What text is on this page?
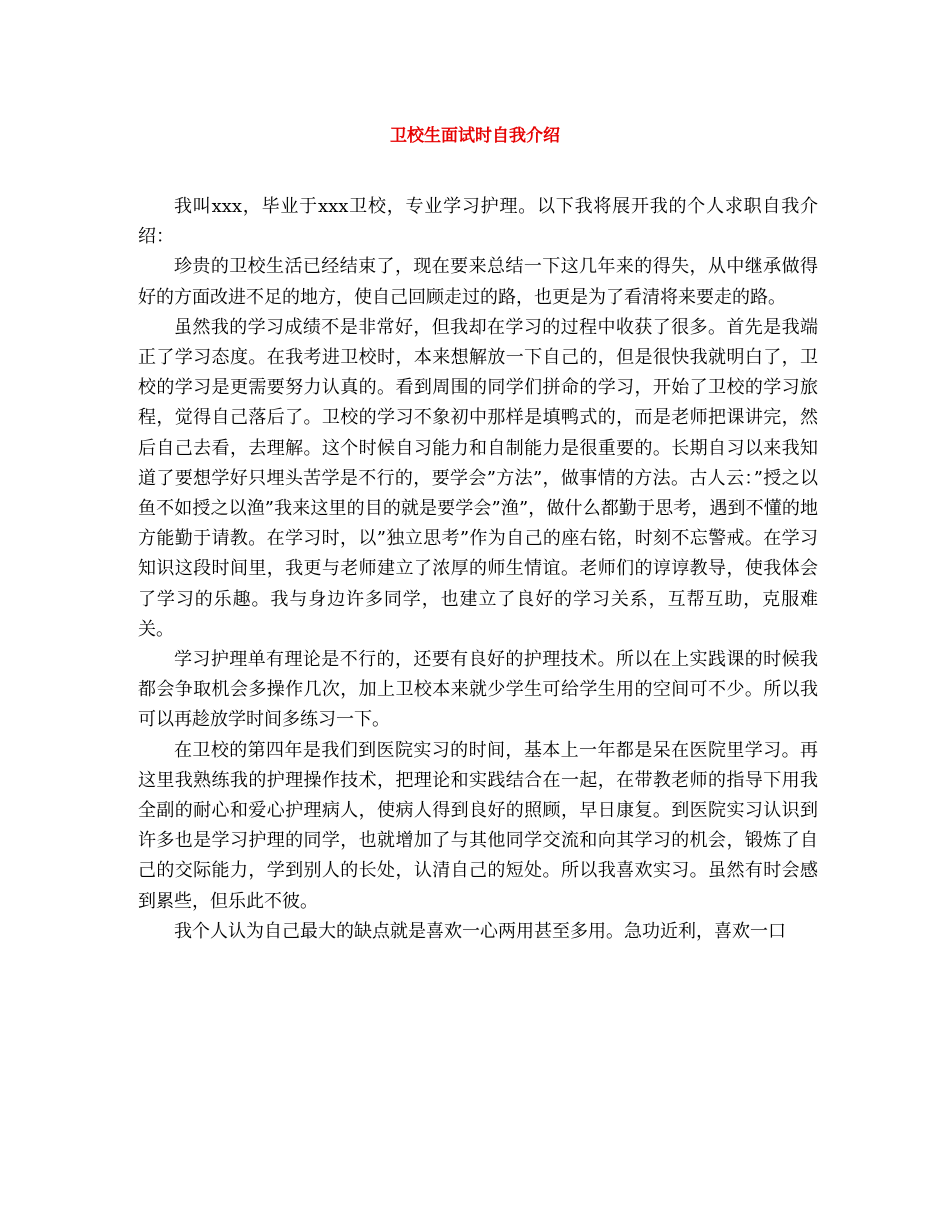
卫校生面试时自我介绍

我叫xxx，毕业于xxx卫校，专业学习护理。以下我将展开我的个人求职自我介绍：

珍贵的卫校生活已经结束了，现在要来总结一下这几年来的得失，从中继承做得好的方面改进不足的地方，使自己回顾走过的路，也更是为了看清将来要走的路。

虽然我的学习成绩不是非常好，但我却在学习的过程中收获了很多。首先是我端正了学习态度。在我考进卫校时，本来想解放一下自己的，但是很快我就明白了，卫校的学习是更需要努力认真的。看到周围的同学们拼命的学习，开始了卫校的学习旅程，觉得自己落后了。卫校的学习不象初中那样是填鸭式的，而是老师把课讲完，然后自己去看，去理解。这个时候自习能力和自制能力是很重要的。长期自习以来我知道了要想学好只埋头苦学是不行的，要学会”方法”，做事情的方法。古人云：”授之以鱼不如授之以渔”我来这里的目的就是要学会”渔”，做什么都勤于思考，遇到不懂的地方能勤于请教。在学习时，以”独立思考”作为自己的座右铭，时刻不忘警戒。在学习知识这段时间里，我更与老师建立了浓厚的师生情谊。老师们的谆谆教导，使我体会了学习的乐趣。我与身边许多同学，也建立了良好的学习关系，互帮互助，克服难关。

学习护理单有理论是不行的，还要有良好的护理技术。所以在上实践课的时候我都会争取机会多操作几次，加上卫校本来就少学生可给学生用的空间可不少。所以我可以再趁放学时间多练习一下。

在卫校的第四年是我们到医院实习的时间，基本上一年都是呆在医院里学习。再这里我熟练我的护理操作技术，把理论和实践结合在一起，在带教老师的指导下用我全副的耐心和爱心护理病人，使病人得到良好的照顾，早日康复。到医院实习认识到许多也是学习护理的同学，也就增加了与其他同学交流和向其学习的机会，锻炼了自己的交际能力，学到别人的长处，认清自己的短处。所以我喜欢实习。虽然有时会感到累些，但乐此不彼。

我个人认为自己最大的缺点就是喜欢一心两用甚至多用。急功近利，喜欢一口
